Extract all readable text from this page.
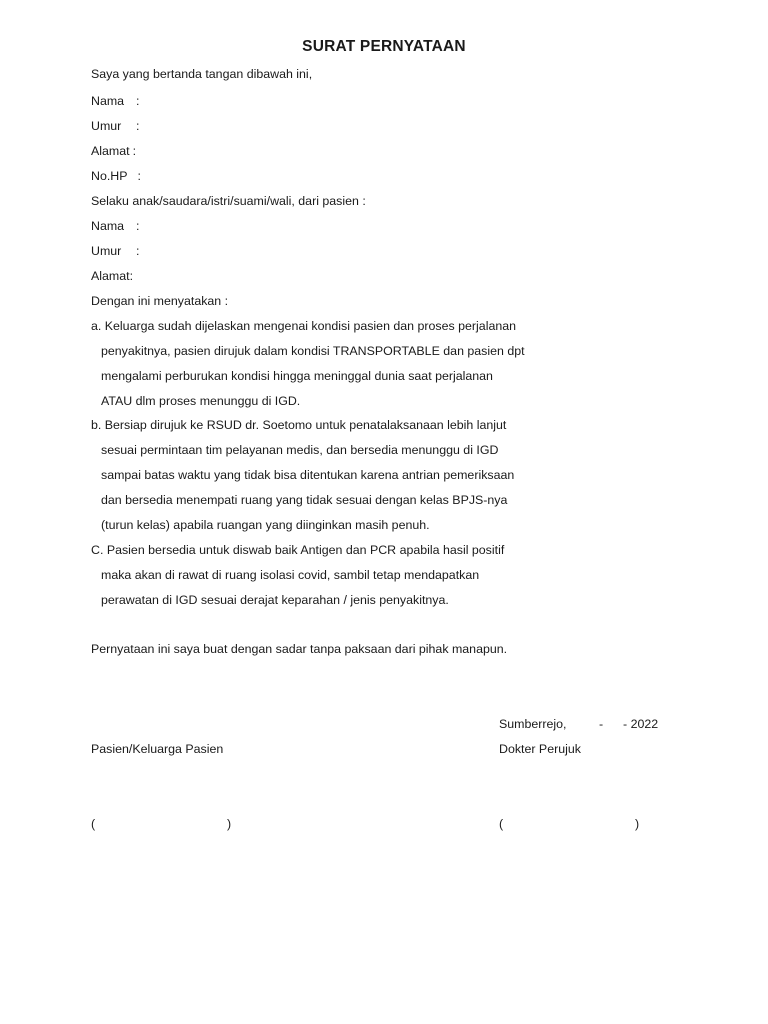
SURAT PERNYATAAN
Saya yang bertanda tangan dibawah ini,
Nama :
Umur :
Alamat :
No.HP :
Selaku anak/saudara/istri/suami/wali, dari pasien :
Nama :
Umur :
Alamat:
Dengan ini menyatakan :
a. Keluarga sudah dijelaskan mengenai kondisi pasien dan proses perjalanan
penyakitnya, pasien dirujuk dalam kondisi TRANSPORTABLE dan pasien dpt
mengalami perburukan kondisi hingga meninggal dunia saat perjalanan
ATAU dlm proses menunggu di IGD.
b. Bersiap dirujuk ke RSUD dr. Soetomo untuk penatalaksanaan lebih lanjut
sesuai permintaan tim pelayanan medis, dan bersedia menunggu di IGD
sampai batas waktu yang tidak bisa ditentukan karena antrian pemeriksaan
dan bersedia menempati ruang yang tidak sesuai dengan kelas BPJS-nya
(turun kelas) apabila ruangan yang diinginkan masih penuh.
C. Pasien bersedia untuk diswab baik Antigen dan PCR apabila hasil positif
maka akan di rawat di ruang isolasi covid, sambil tetap mendapatkan
perawatan di IGD sesuai derajat keparahan / jenis penyakitnya.
Pernyataan ini saya buat dengan sadar tanpa paksaan dari pihak manapun.
Sumberrejo,	- - 2022
Pasien/Keluarga Pasien	Dokter Perujuk
(	)	(	)
